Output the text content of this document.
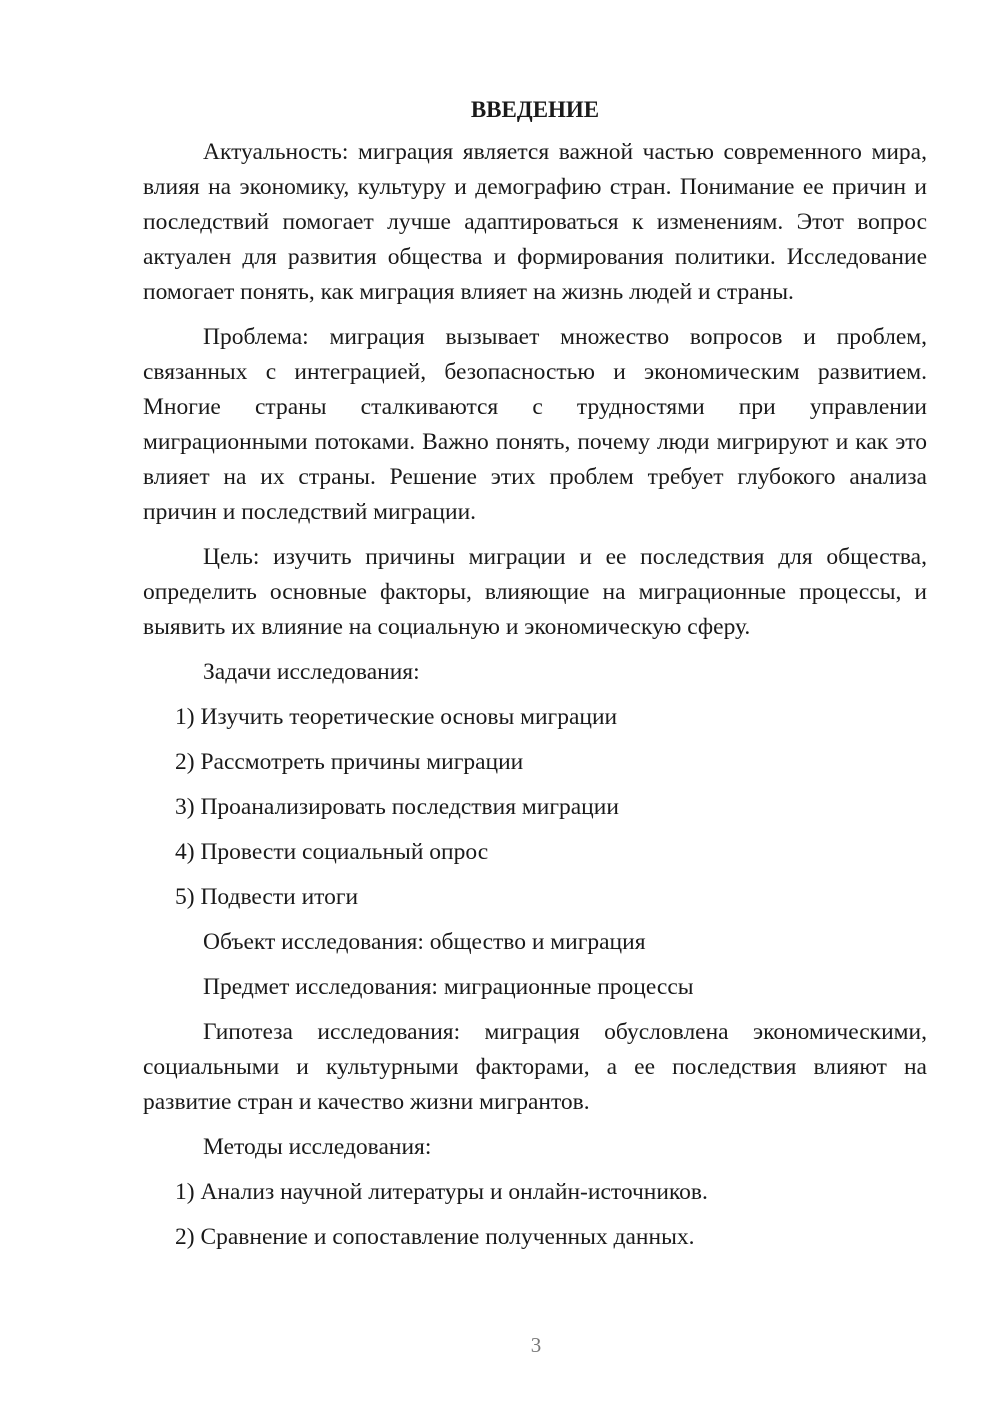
ВВЕДЕНИЕ

Актуальность: миграция является важной частью современного мира, влияя на экономику, культуру и демографию стран. Понимание ее причин и последствий помогает лучше адаптироваться к изменениям. Этот вопрос актуален для развития общества и формирования политики. Исследование помогает понять, как миграция влияет на жизнь людей и страны.

Проблема: миграция вызывает множество вопросов и проблем, связанных с интеграцией, безопасностью и экономическим развитием. Многие страны сталкиваются с трудностями при управлении миграционными потоками. Важно понять, почему люди мигрируют и как это влияет на их страны. Решение этих проблем требует глубокого анализа причин и последствий миграции.

Цель: изучить причины миграции и ее последствия для общества, определить основные факторы, влияющие на миграционные процессы, и выявить их влияние на социальную и экономическую сферу.

Задачи исследования:
1) Изучить теоретические основы миграции
2) Рассмотреть причины миграции
3) Проанализировать последствия миграции
4) Провести социальный опрос
5) Подвести итоги
Объект исследования: общество и миграция
Предмет исследования: миграционные процессы

Гипотеза исследования: миграция обусловлена экономическими, социальными и культурными факторами, а ее последствия влияют на развитие стран и качество жизни мигрантов.

Методы исследования:
1) Анализ научной литературы и онлайн-источников.
2) Сравнение и сопоставление полученных данных.
3
